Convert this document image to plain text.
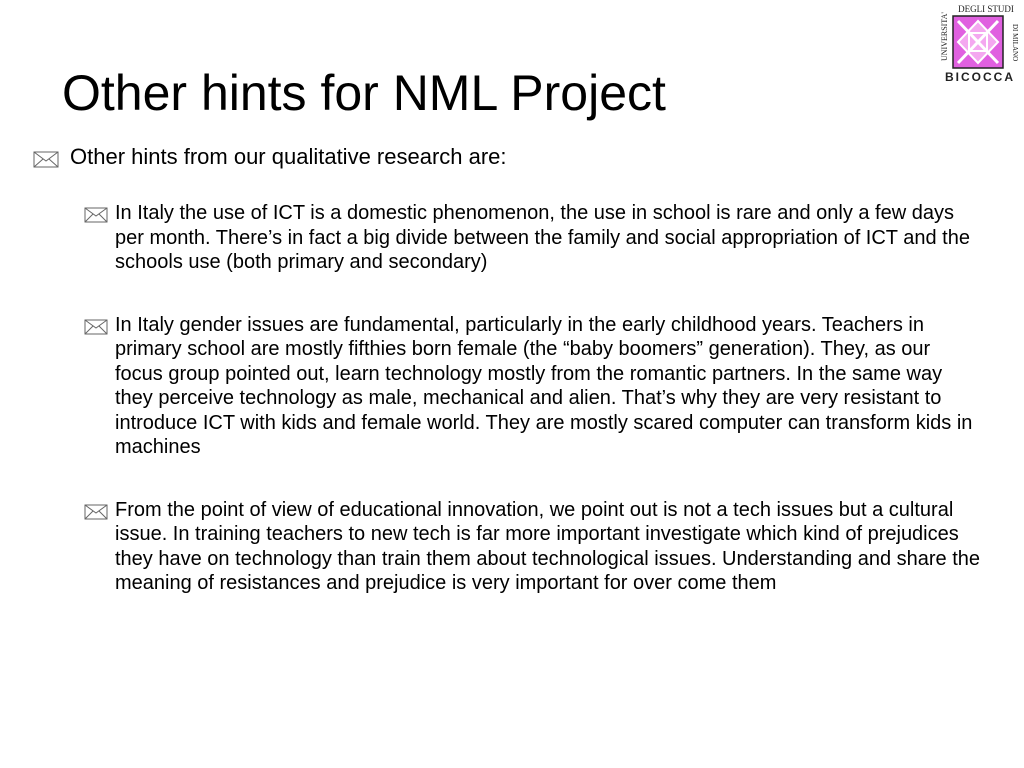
Other hints for NML Project
UNIVERSITA'
DEGLI STUDI
DI MILANO
BICOCCA
Other hints from our qualitative research are:
In Italy the use of ICT is a domestic phenomenon, the use in school is rare and only a few days per month. There’s in fact a big divide between the family and social appropriation of ICT and the schools use (both primary and secondary)
In Italy gender issues are fundamental, particularly in the early childhood years. Teachers in primary school are mostly fifthies born female (the “baby boomers” generation). They, as our focus group pointed out, learn technology mostly from the romantic partners. In the same way they perceive technology as male, mechanical and alien. That’s why they are very resistant to introduce ICT with kids and female world. They are mostly scared computer can transform kids in machines
From the point of view of educational innovation, we point out is not a tech issues but a cultural issue. In training teachers to new tech is far more important investigate which kind of prejudices they have on technology than train them about technological issues. Understanding and share the meaning of resistances and prejudice is very important for over come them
